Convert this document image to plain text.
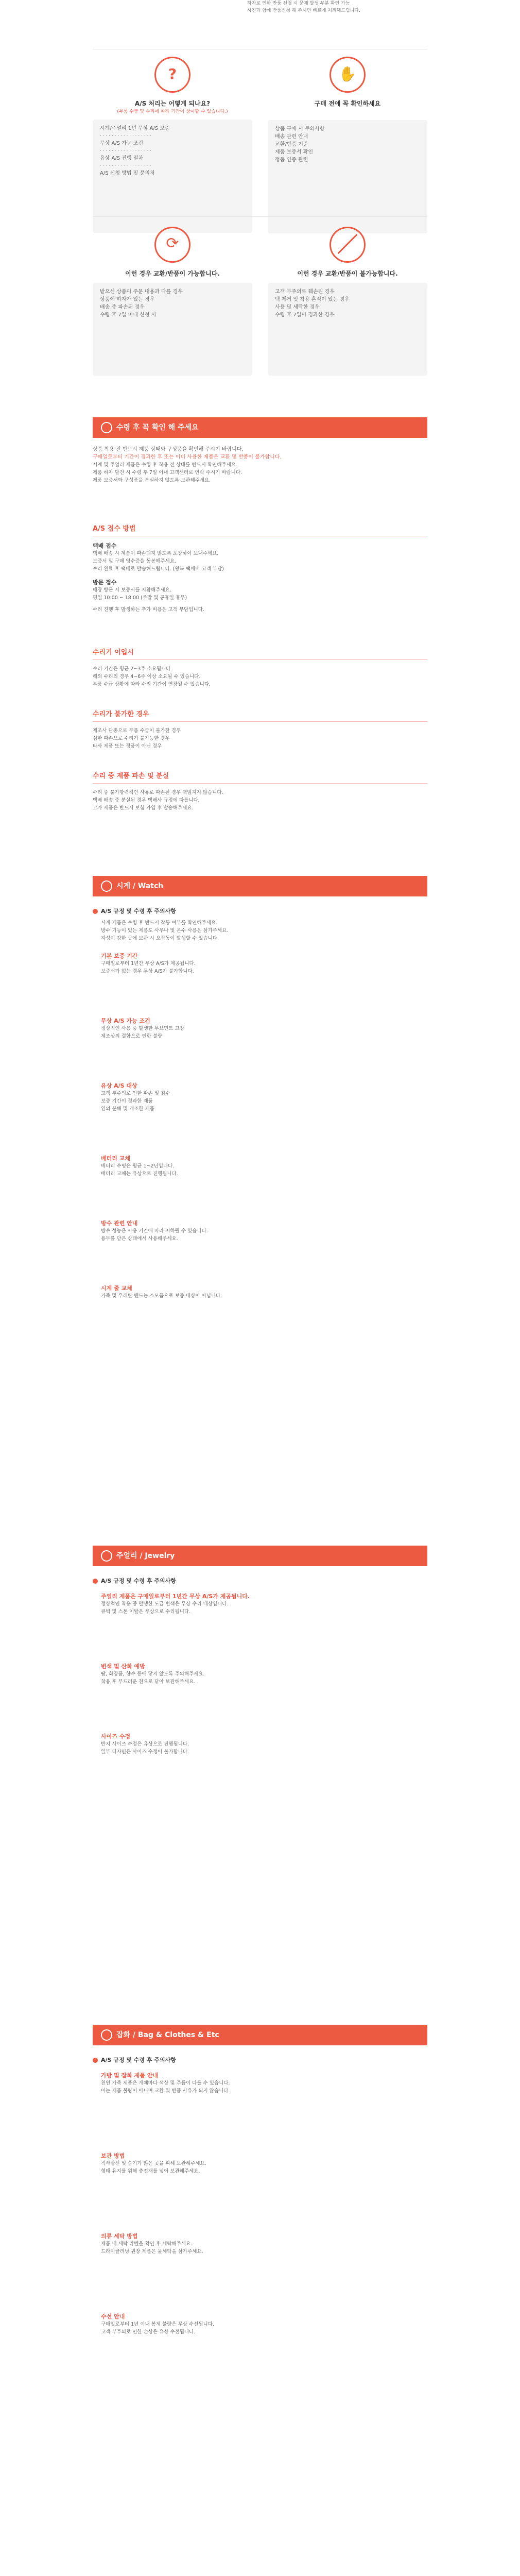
하자로 인한 반품 신청 시 문제 발생 부분 확인 가능
사진과 함께 반품신청 해 주시면 빠르게 처리해드립니다.
?
A/S 처리는 어떻게 되나요?
(부품 수급 및 수리에 따라 기간이 상이할 수 있습니다.)
시계/주얼리 1년 무상 A/S 보증
· · · · · · · · · · · · · · · · · ·
무상 A/S 가능 조건
· · · · · · · · · · · · · · · · · ·
유상 A/S 진행 절차
· · · · · · · · · · · · · · · · · ·
A/S 신청 방법 및 문의처
✋
구매 전에 꼭 확인하세요
상품 구매 시 주의사항
배송 관련 안내
교환/반품 기준
제품 보증서 확인
정품 인증 관련
⟳
이런 경우 교환/반품이 가능합니다.
받으신 상품이 주문 내용과 다를 경우
상품에 하자가 있는 경우
배송 중 파손된 경우
수령 후 7일 이내 신청 시
이런 경우 교환/반품이 불가능합니다.
고객 부주의로 훼손된 경우
택 제거 및 착용 흔적이 있는 경우
사용 및 세탁한 경우
수령 후 7일이 경과한 경우
수령 후 꼭 확인 해 주세요
상품 착용 전 반드시 제품 상태와 구성품을 확인해 주시기 바랍니다.
구매일로부터 기간이 경과한 후 또는 이미 사용한 제품은 교환 및 반품이 불가합니다.
시계 및 주얼리 제품은 수령 후 착용 전 상태를 반드시 확인해주세요.
제품 하자 발견 시 수령 후 7일 이내 고객센터로 연락 주시기 바랍니다.
제품 보증서와 구성품을 분실하지 않도록 보관해주세요.
A/S 접수 방법
택배 접수
택배 배송 시 제품이 파손되지 않도록 포장하여 보내주세요.
보증서 및 구매 영수증을 동봉해주세요.
수리 완료 후 택배로 발송해드립니다. (왕복 택배비 고객 부담)
방문 접수
매장 방문 시 보증서를 지참해주세요.
평일 10:00 ~ 18:00 (주말 및 공휴일 휴무)
수리 진행 후 발생하는 추가 비용은 고객 부담입니다.
수리기 이입시
수리 기간은 평균 2~3주 소요됩니다.
해외 수리의 경우 4~6주 이상 소요될 수 있습니다.
부품 수급 상황에 따라 수리 기간이 연장될 수 있습니다.
수리가 불가한 경우
제조사 단종으로 부품 수급이 불가한 경우
심한 파손으로 수리가 불가능한 경우
타사 제품 또는 정품이 아닌 경우
수리 중 제품 파손 및 분실
수리 중 불가항력적인 사유로 파손된 경우 책임지지 않습니다.
택배 배송 중 분실된 경우 택배사 규정에 따릅니다.
고가 제품은 반드시 보험 가입 후 발송해주세요.
시계 / Watch
A/S 규정 및 수령 후 주의사항
시계 제품은 수령 후 반드시 작동 여부를 확인해주세요.
방수 기능이 있는 제품도 사우나 및 온수 사용은 삼가주세요.
자성이 강한 곳에 보관 시 오작동이 발생할 수 있습니다.
기본 보증 기간
구매일로부터 1년간 무상 A/S가 제공됩니다.
보증서가 없는 경우 무상 A/S가 불가합니다.
무상 A/S 가능 조건
정상적인 사용 중 발생한 무브먼트 고장
제조상의 결함으로 인한 불량
유상 A/S 대상
고객 부주의로 인한 파손 및 침수
보증 기간이 경과한 제품
임의 분해 및 개조한 제품
배터리 교체
배터리 수명은 평균 1~2년입니다.
배터리 교체는 유상으로 진행됩니다.
방수 관련 안내
방수 성능은 사용 기간에 따라 저하될 수 있습니다.
용두를 닫은 상태에서 사용해주세요.
시계 줄 교체
가죽 및 우레탄 밴드는 소모품으로 보증 대상이 아닙니다.
주얼리 / Jewelry
A/S 규정 및 수령 후 주의사항
주얼리 제품은 구매일로부터 1년간 무상 A/S가 제공됩니다.
정상적인 착용 중 발생한 도금 변색은 무상 수리 대상입니다.
큐빅 및 스톤 이탈은 무상으로 수리됩니다.
변색 및 산화 예방
땀, 화장품, 향수 등에 닿지 않도록 주의해주세요.
착용 후 부드러운 천으로 닦아 보관해주세요.
사이즈 수정
반지 사이즈 수정은 유상으로 진행됩니다.
일부 디자인은 사이즈 수정이 불가합니다.
잡화 / Bag & Clothes & Etc
A/S 규정 및 수령 후 주의사항
가방 및 잡화 제품 안내
천연 가죽 제품은 개체마다 색상 및 주름이 다를 수 있습니다.
이는 제품 불량이 아니며 교환 및 반품 사유가 되지 않습니다.
보관 방법
직사광선 및 습기가 많은 곳을 피해 보관해주세요.
형태 유지를 위해 충전재를 넣어 보관해주세요.
의류 세탁 방법
제품 내 세탁 라벨을 확인 후 세탁해주세요.
드라이클리닝 권장 제품은 물세탁을 삼가주세요.
수선 안내
구매일로부터 1년 이내 봉제 불량은 무상 수선됩니다.
고객 부주의로 인한 손상은 유상 수선됩니다.
